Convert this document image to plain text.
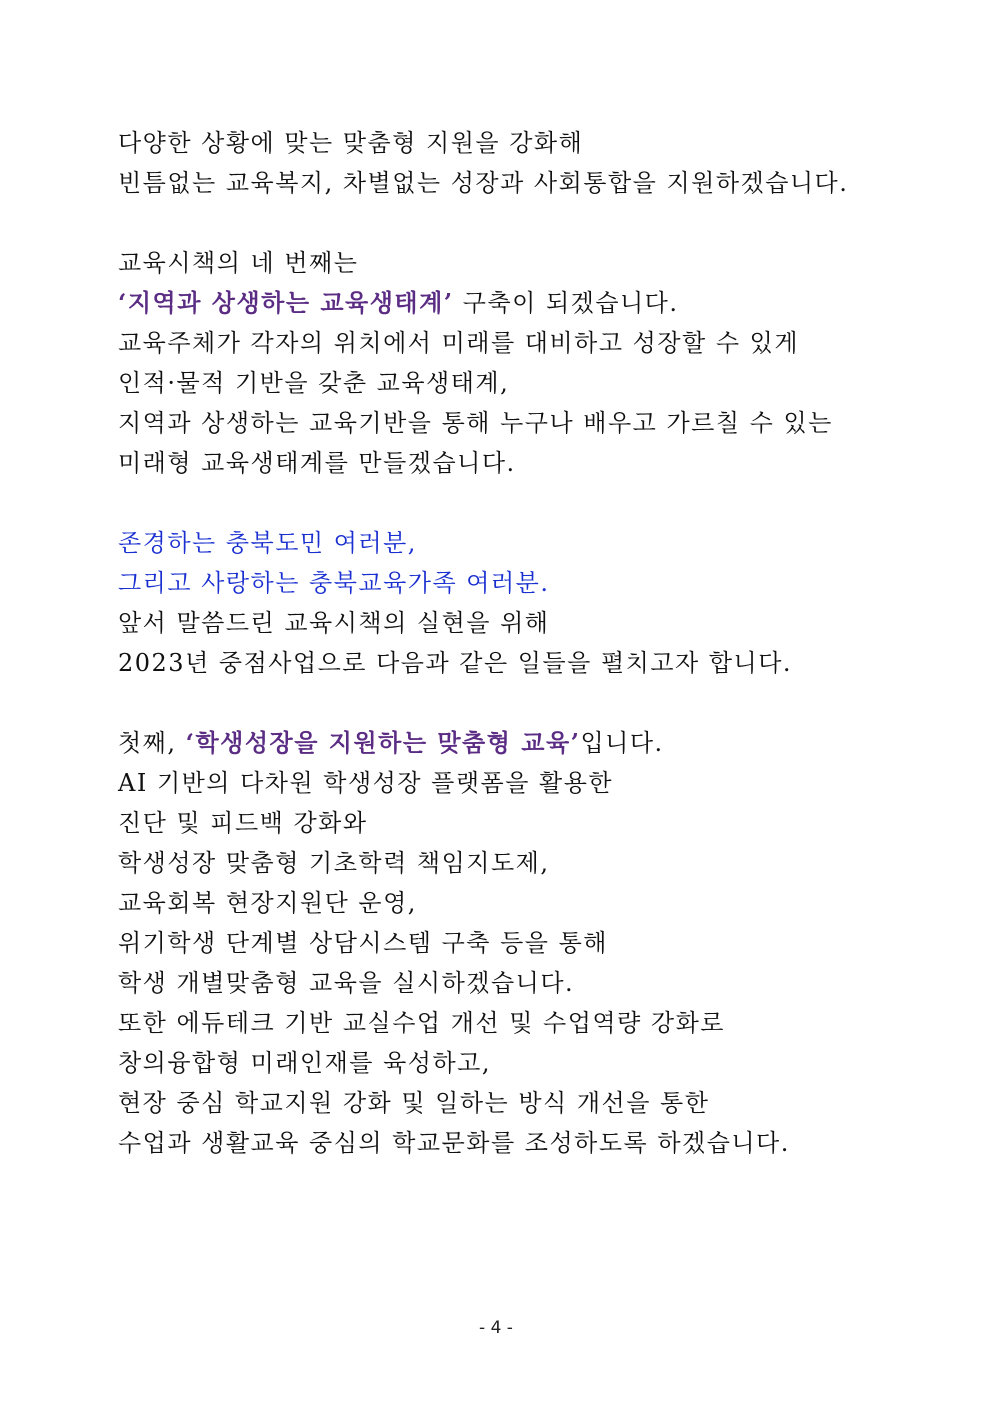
다양한 상황에 맞는 맞춤형 지원을 강화해
빈틈없는 교육복지, 차별없는 성장과 사회통합을 지원하겠습니다.
교육시책의 네 번째는
‘지역과 상생하는 교육생태계’ 구축이 되겠습니다.
교육주체가 각자의 위치에서 미래를 대비하고 성장할 수 있게
인적·물적 기반을 갖춘 교육생태계,
지역과 상생하는 교육기반을 통해 누구나 배우고 가르칠 수 있는
미래형 교육생태계를 만들겠습니다.
존경하는 충북도민 여러분,
그리고 사랑하는 충북교육가족 여러분.
앞서 말씀드린 교육시책의 실현을 위해
2023년 중점사업으로 다음과 같은 일들을 펼치고자 합니다.
첫째, ‘학생성장을 지원하는 맞춤형 교육’입니다.
AI 기반의 다차원 학생성장 플랫폼을 활용한
진단 및 피드백 강화와
학생성장 맞춤형 기초학력 책임지도제,
교육회복 현장지원단 운영,
위기학생 단계별 상담시스템 구축 등을 통해
학생 개별맞춤형 교육을 실시하겠습니다.
또한 에듀테크 기반 교실수업 개선 및 수업역량 강화로
창의융합형 미래인재를 육성하고,
현장 중심 학교지원 강화 및 일하는 방식 개선을 통한
수업과 생활교육 중심의 학교문화를 조성하도록 하겠습니다.
- 4 -
